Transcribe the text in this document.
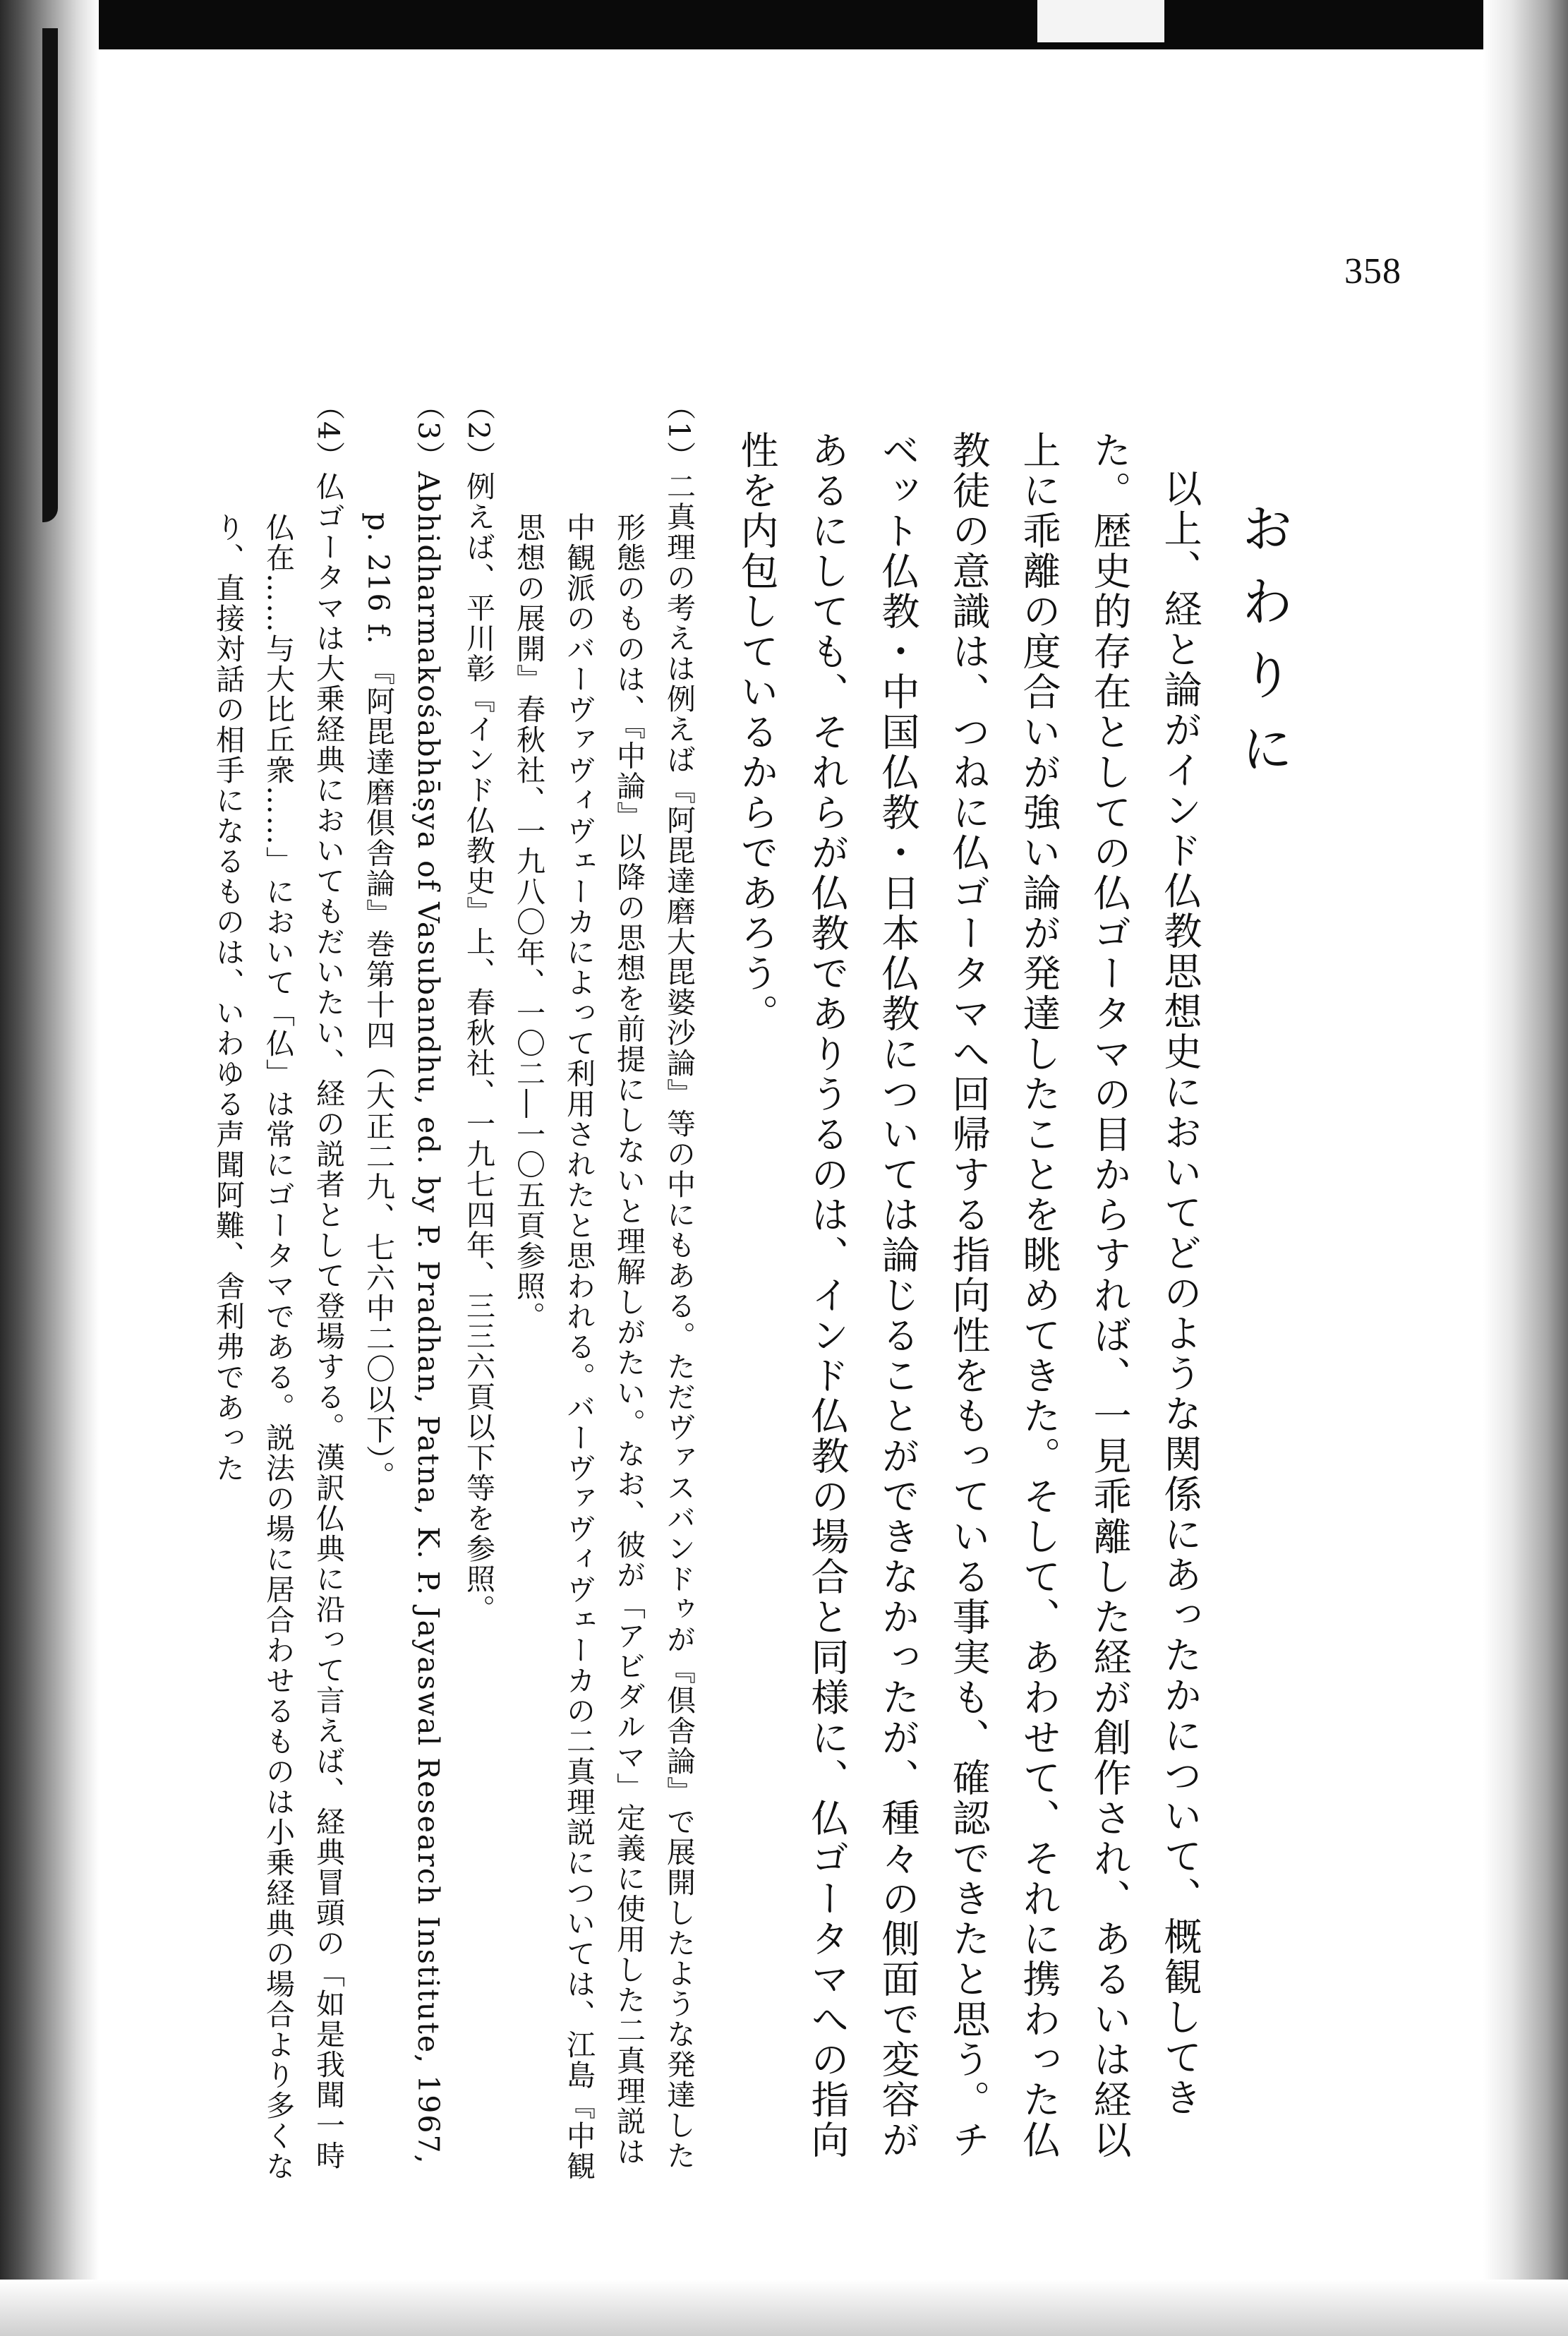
358
おわりに

以上、経と論がインド仏教思想史においてどのような関係にあったかについて、概観してきた。歴史的存在としての仏ゴータマの目からすれば、一見乖離した経が創作され、あるいは経以上に乖離の度合いが強い論が発達したことを眺めてきた。そして、あわせて、それに携わった仏教徒の意識は、つねに仏ゴータマへ回帰する指向性をもっている事実も、確認できたと思う。チベット仏教・中国仏教・日本仏教については論じることができなかったが、種々の側面で変容があるにしても、それらが仏教でありうるのは、インド仏教の場合と同様に、仏ゴータマへの指向性を内包しているからであろう。

（1）二真理の考えは例えば『阿毘達磨大毘婆沙論』等の中にもある。ただヴァスバンドゥが『倶舎論』で展開したような発達した形態のものは、『中論』以降の思想を前提にしないと理解しがたい。なお、彼が「アビダルマ」定義に使用した二真理説は中観派のバーヴァヴィヴェーカによって利用されたと思われる。バーヴァヴィヴェーカの二真理説については、江島『中観思想の展開』春秋社、一九八〇年、一〇二―一〇五頁参照。

（2）例えば、平川彰『インド仏教史』上、春秋社、一九七四年、三三六頁以下等を参照。

（3）Abhidharmakośabhāṣya of Vasubandhu, ed. by P. Pradhan, Patna, K. P. Jayaswal Research Institute, 1967, p. 216 f. 『阿毘達磨倶舎論』巻第十四（大正二九、七六中二〇以下）。

（4）仏ゴータマは大乗経典においてもだいたい、経の説者として登場する。漢訳仏典に沿って言えば、経典冒頭の「如是我聞一時仏在……与大比丘衆……」において「仏」は常にゴータマである。説法の場に居合わせるものは小乗経典の場合より多くなり、直接対話の相手になるものは、いわゆる声聞阿難、舎利弗であった
